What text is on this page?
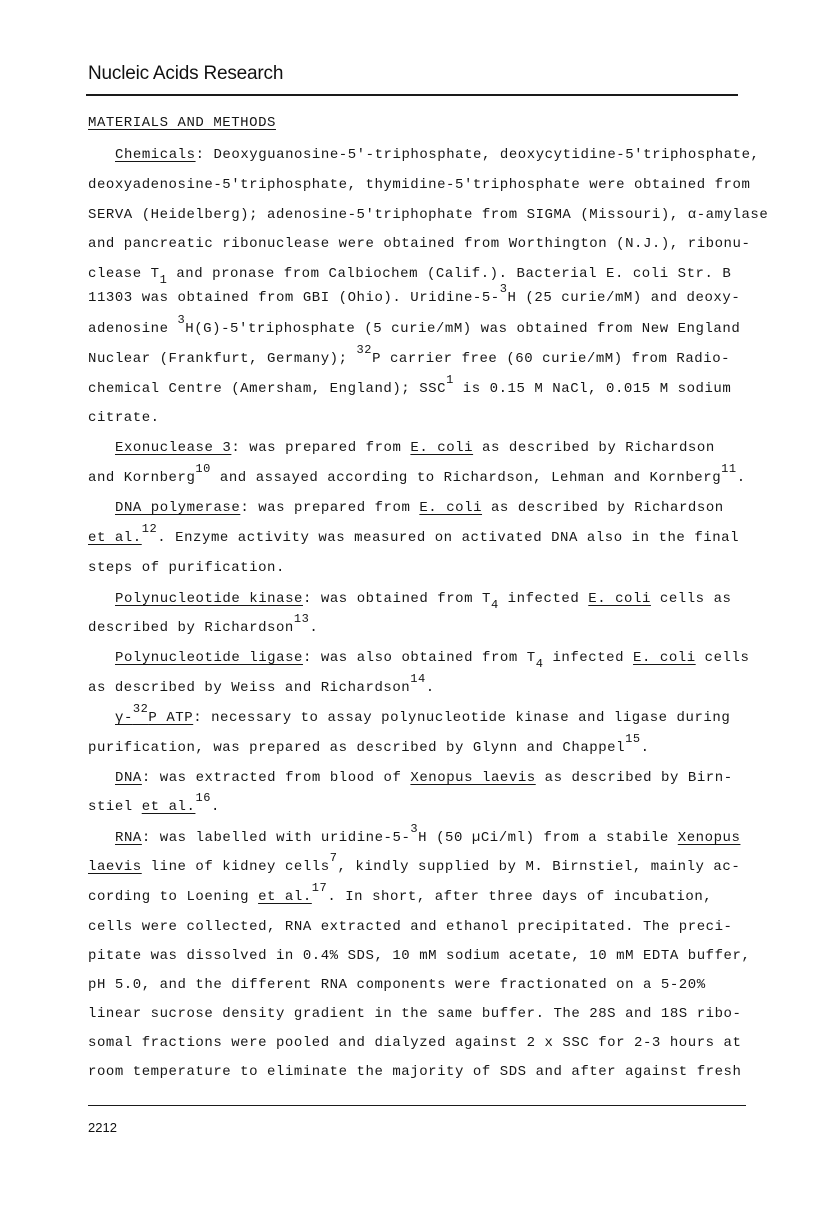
Nucleic Acids Research
MATERIALS AND METHODS
Chemicals: Deoxyguanosine-5'-triphosphate, deoxycytidine-5'triphosphate,
deoxyadenosine-5'triphosphate, thymidine-5'triphosphate were obtained from
SERVA (Heidelberg); adenosine-5'triphophate from SIGMA (Missouri), α-amylase
and pancreatic ribonuclease were obtained from Worthington (N.J.), ribonu-
clease $T_1$ and pronase from Calbiochem (Calif.). Bacterial E. coli Str. B
11303 was obtained from GBI (Ohio). Uridine-5-$^3$H (25 curie/mM) and deoxy-
adenosine $^3$H(G)-5'triphosphate (5 curie/mM) was obtained from New England
Nuclear (Frankfurt, Germany); $^{32}$P carrier free (60 curie/mM) from Radio-
chemical Centre (Amersham, England); SSC$^1$ is 0.15 M NaCl, 0.015 M sodium
citrate.
Exonuclease 3: was prepared from E. coli as described by Richardson
and Kornberg$^{10}$ and assayed according to Richardson, Lehman and Kornberg$^{11}$.
DNA polymerase: was prepared from E. coli as described by Richardson
et al.$^{12}$. Enzyme activity was measured on activated DNA also in the final
steps of purification.
Polynucleotide kinase: was obtained from $T_4$ infected E. coli cells as
described by Richardson$^{13}$.
Polynucleotide ligase: was also obtained from $T_4$ infected E. coli cells
as described by Weiss and Richardson$^{14}$.
γ-$^{32}$P ATP: necessary to assay polynucleotide kinase and ligase during
purification, was prepared as described by Glynn and Chappel$^{15}$.
DNA: was extracted from blood of Xenopus laevis as described by Birn-
stiel et al.$^{16}$.
RNA: was labelled with uridine-5-$^3$H (50 µCi/ml) from a stabile Xenopus
laevis line of kidney cells$^7$, kindly supplied by M. Birnstiel, mainly ac-
cording to Loening et al.$^{17}$. In short, after three days of incubation,
cells were collected, RNA extracted and ethanol precipitated. The preci-
pitate was dissolved in 0.4% SDS, 10 mM sodium acetate, 10 mM EDTA buffer,
pH 5.0, and the different RNA components were fractionated on a 5-20%
linear sucrose density gradient in the same buffer. The 28S and 18S ribo-
somal fractions were pooled and dialyzed against 2 x SSC for 2-3 hours at
room temperature to eliminate the majority of SDS and after against fresh
2212
